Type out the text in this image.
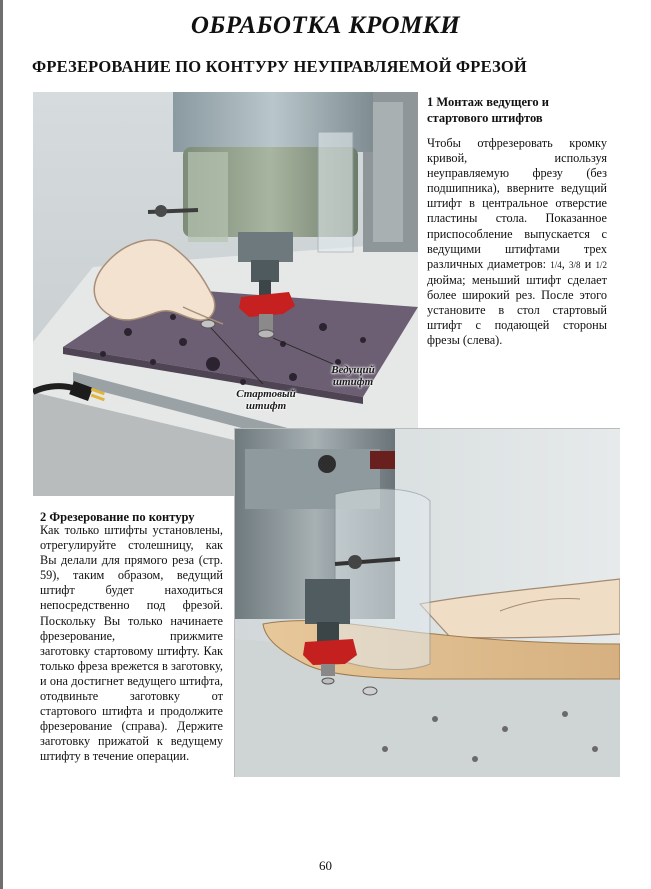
ОБРАБОТКА КРОМКИ
ФРЕЗЕРОВАНИЕ ПО КОНТУРУ НЕУПРАВЛЯЕМОЙ ФРЕЗОЙ
Ведущий штифт
Стартовый штифт
1 Монтаж ведущего и стартового штифтов
Чтобы отфрезеровать кромку кривой, используя неуправляемую фрезу (без подшипника), вверните ведущий штифт в центральное отверстие пластины стола. Показанное приспособление выпускается с ведущими штифтами трех различных диаметров: 1/4, 3/8 и 1/2 дюйма; меньший штифт сделает более широкий рез. После этого установите в стол стартовый штифт с подающей стороны фрезы (слева).
2 Фрезерование по контуру
Как только штифты установлены, отрегулируйте столешницу, как Вы делали для прямого реза (стр. 59), таким образом, ведущий штифт будет находиться непосредственно под фрезой. Поскольку Вы только начинаете фрезерование, прижмите заготовку стартовому штифту. Как только фреза врежется в заготовку, и она достигнет ведущего штифта, отодвиньте заготовку от стартового штифта и продолжите фрезерование (справа). Держите заготовку прижатой к ведущему штифту в течение операции.
60
